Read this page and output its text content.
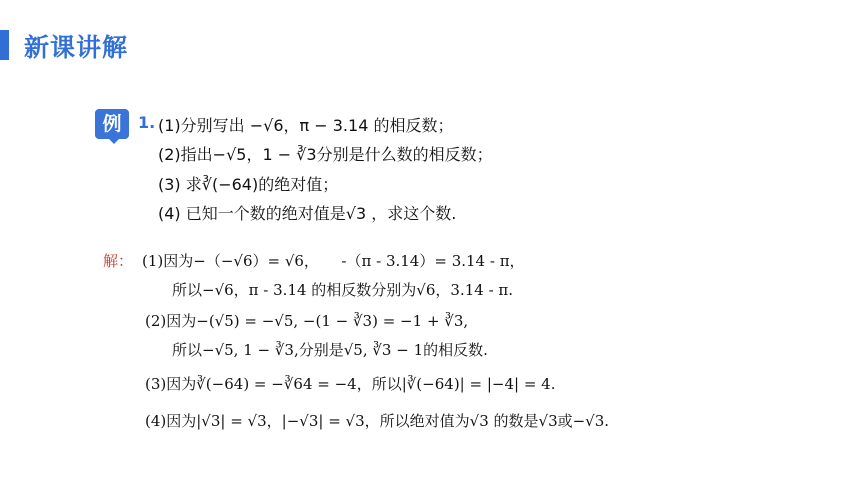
新课讲解
例	1. (1)分别写出 −√6，π − 3.14 的相反数；
(2)指出−√5，1 − ∛3分别是什么数的相反数；
(3) 求∛(−64)的绝对值；
(4) 已知一个数的绝对值是√3 ，求这个数.
解： (1)因为−（−√6）= √6，　　-（π - 3.14）= 3.14 - π，
所以−√6，π - 3.14 的相反数分别为√6，3.14 - π.
(2)因为−(√5) = −√5, −(1 − ∛3) = −1 + ∛3,
所以−√5, 1 − ∛3,分别是√5, ∛3 − 1的相反数.
(3)因为∛(−64) = −∛64 = −4，所以|∛(−64)| = |−4| = 4.
(4)因为|√3| = √3，|−√3| = √3，所以绝对值为√3 的数是√3或−√3.
